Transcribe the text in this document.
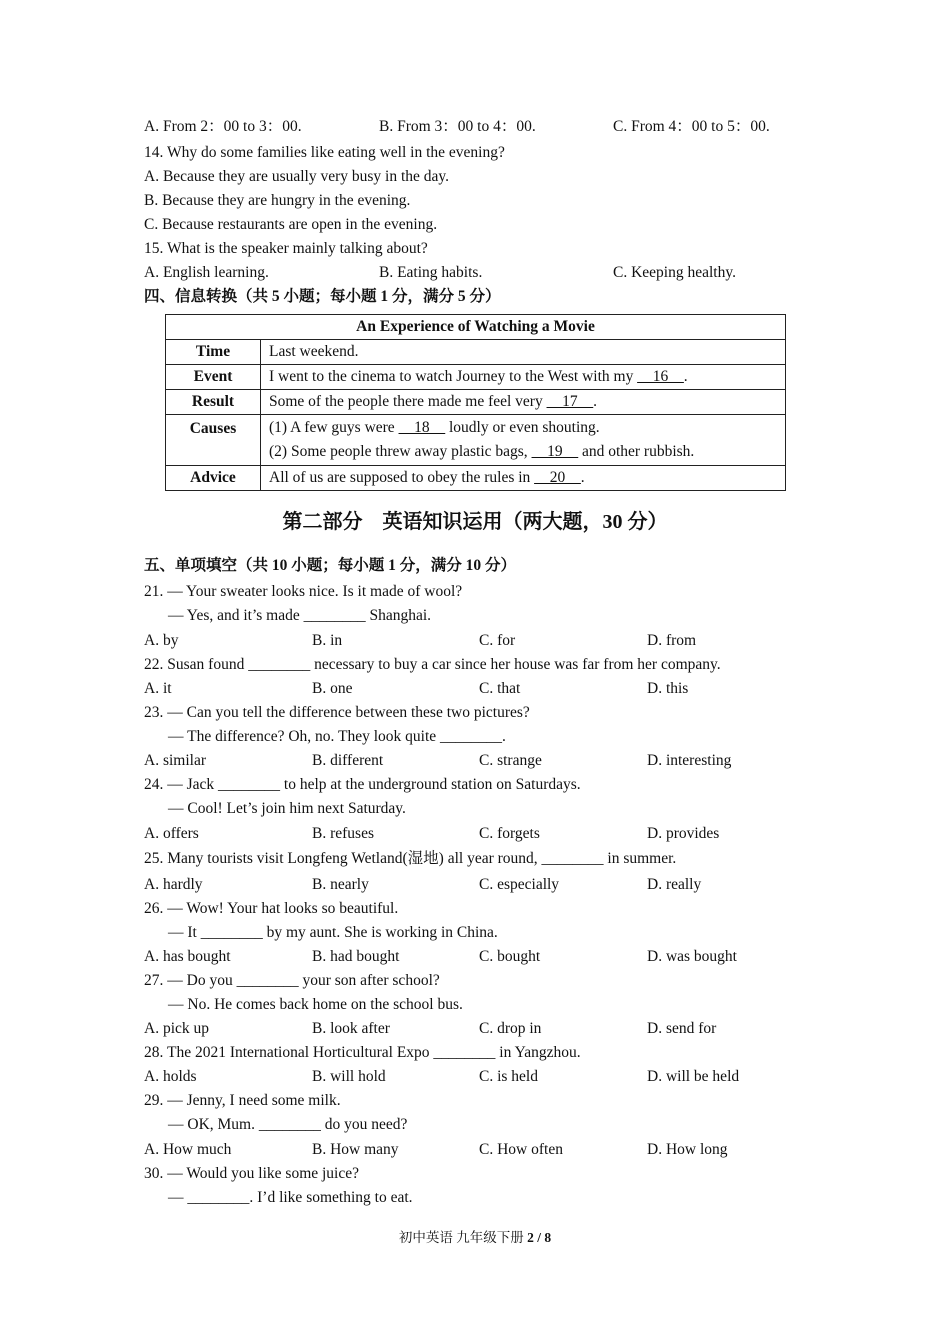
A. From 2：00 to 3：00.	B. From 3：00 to 4：00.	C. From 4：00 to 5：00.
14. Why do some families like eating well in the evening?
A. Because they are usually very busy in the day.
B. Because they are hungry in the evening.
C. Because restaurants are open in the evening.
15. What is the speaker mainly talking about?
A. English learning.	B. Eating habits.	C. Keeping healthy.
四、信息转换（共 5 小题；每小题 1 分，满分 5 分）
An Experience of Watching a Movie	
Time	Last weekend.
Event	I went to the cinema to watch Journey to the West with my __16__.
Result	Some of the people there made me feel very __17__.
Causes	(1) A few guys were __18__ loudly or even shouting.
(2) Some people threw away plastic bags, __19__ and other rubbish.

Advice	All of us are supposed to obey the rules in __20__.
第二部分　英语知识运用（两大题，30 分）
五、单项填空（共 10 小题；每小题 1 分，满分 10 分）
21. — Your sweater looks nice. Is it made of wool?
— Yes, and it’s made ________ Shanghai.
A. by	B. in	C. for	D. from
22. Susan found ________ necessary to buy a car since her house was far from her company.
A. it	B. one	C. that	D. this
23. — Can you tell the difference between these two pictures?
— The difference? Oh, no. They look quite ________.
A. similar	B. different	C. strange	D. interesting
24. — Jack ________ to help at the underground station on Saturdays.
— Cool! Let’s join him next Saturday.
A. offers	B. refuses	C. forgets	D. provides
25. Many tourists visit Longfeng Wetland(湿地) all year round, ________ in summer.
A. hardly	B. nearly	C. especially	D. really
26. — Wow! Your hat looks so beautiful.
— It ________ by my aunt. She is working in China.
A. has bought	B. had bought	C. bought	D. was bought
27. — Do you ________ your son after school?
— No. He comes back home on the school bus.
A. pick up	B. look after	C. drop in	D. send for
28. The 2021 International Horticultural Expo ________ in Yangzhou.
A. holds	B. will hold	C. is held	D. will be held
29. — Jenny, I need some milk.
— OK, Mum. ________ do you need?
A. How much	B. How many	C. How often	D. How long
30. — Would you like some juice?
— ________. I’d like something to eat.
初中英语 九年级下册 2 / 8
